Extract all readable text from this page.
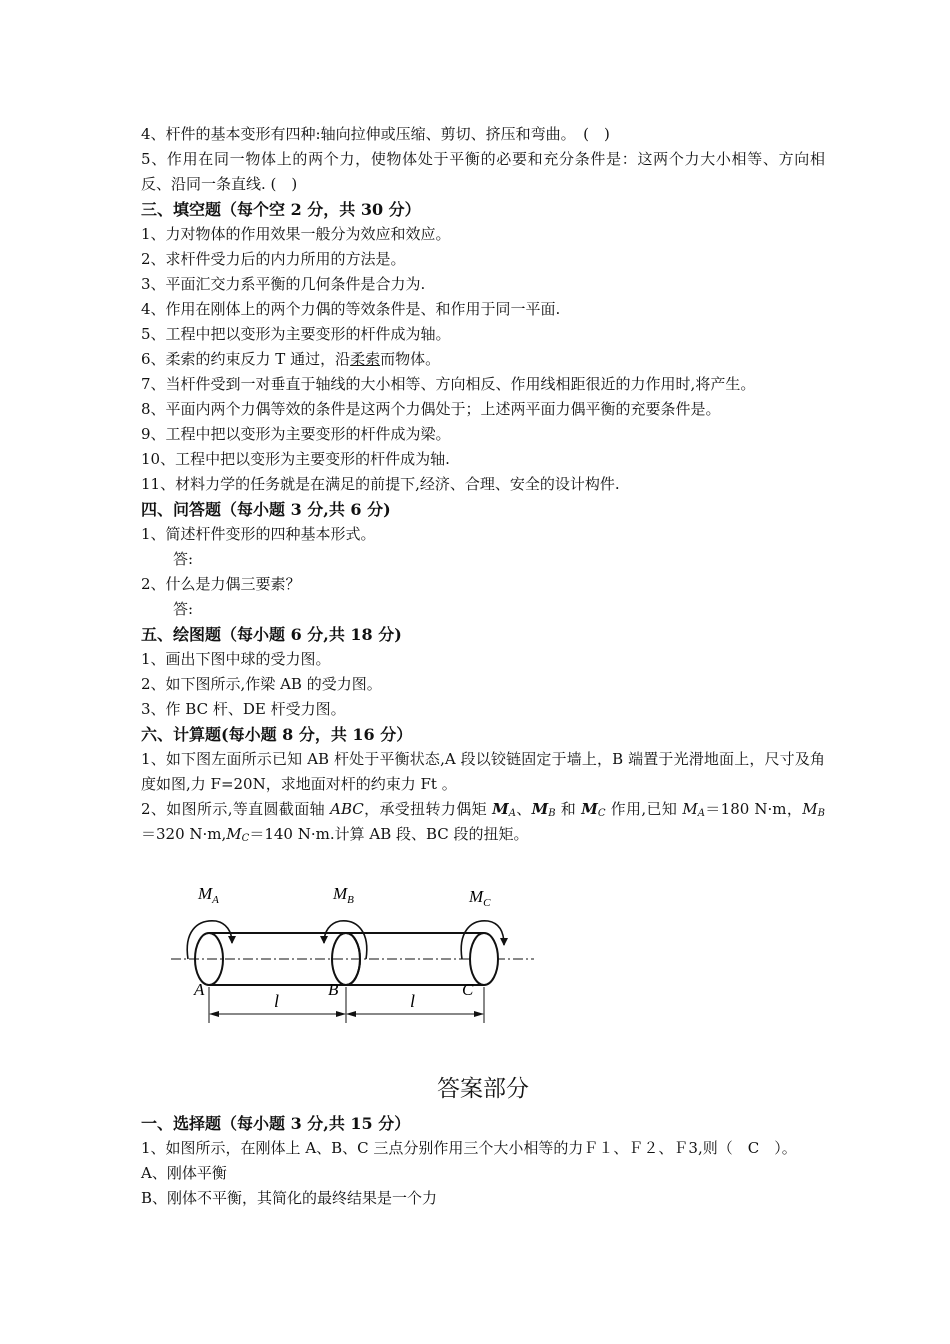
4、杆件的基本变形有四种:轴向拉伸或压缩、剪切、挤压和弯曲。　(　)
5、作用在同一物体上的两个力，使物体处于平衡的必要和充分条件是：这两个力大小相等、方向相反、沿同一条直线. (　)
三、填空题（每个空 2 分，共 30 分）
1、力对物体的作用效果一般分为效应和效应。
2、求杆件受力后的内力所用的方法是。
3、平面汇交力系平衡的几何条件是合力为.
4、作用在刚体上的两个力偶的等效条件是、和作用于同一平面.
5、工程中把以变形为主要变形的杆件成为轴。
6、柔索的约束反力 T 通过，沿柔索而物体。
7、当杆件受到一对垂直于轴线的大小相等、方向相反、作用线相距很近的力作用时,将产生。
8、平面内两个力偶等效的条件是这两个力偶处于；上述两平面力偶平衡的充要条件是。
9、工程中把以变形为主要变形的杆件成为梁。
10、工程中把以变形为主要变形的杆件成为轴.
11、材料力学的任务就是在满足的前提下,经济、合理、安全的设计构件.
四、问答题（每小题 3 分,共 6 分)
1、简述杆件变形的四种基本形式。
答:
2、什么是力偶三要素？
答:
五、绘图题（每小题 6 分,共 18 分)
1、画出下图中球的受力图。
2、如下图所示,作梁 AB 的受力图。
3、作 BC 杆、DE 杆受力图。
六、计算题(每小题 8 分，共 16 分）
1、如下图左面所示已知 AB 杆处于平衡状态,A 段以铰链固定于墙上，B 端置于光滑地面上，尺寸及角度如图,力 F=20N，求地面对杆的约束力 Ft 。
2、如图所示,等直圆截面轴 ABC，承受扭转力偶矩 $M_A$、$M_B$ 和 $M_C$ 作用,已知 $M_A=180$ N·m，$M_B=320$ $N\cdot m,M_C=140$ N·m.计算 AB 段、BC 段的扭矩。
$M_A$	$M_B$	$M_C$
A	B	C
l	l
答案部分
一、选择题（每小题 3 分,共 15 分）
1、如图所示，在刚体上 A、B、C 三点分别作用三个大小相等的力Ｆ１、Ｆ２、Ｆ3,则（　C　）。
A、刚体平衡
B、刚体不平衡，其简化的最终结果是一个力
